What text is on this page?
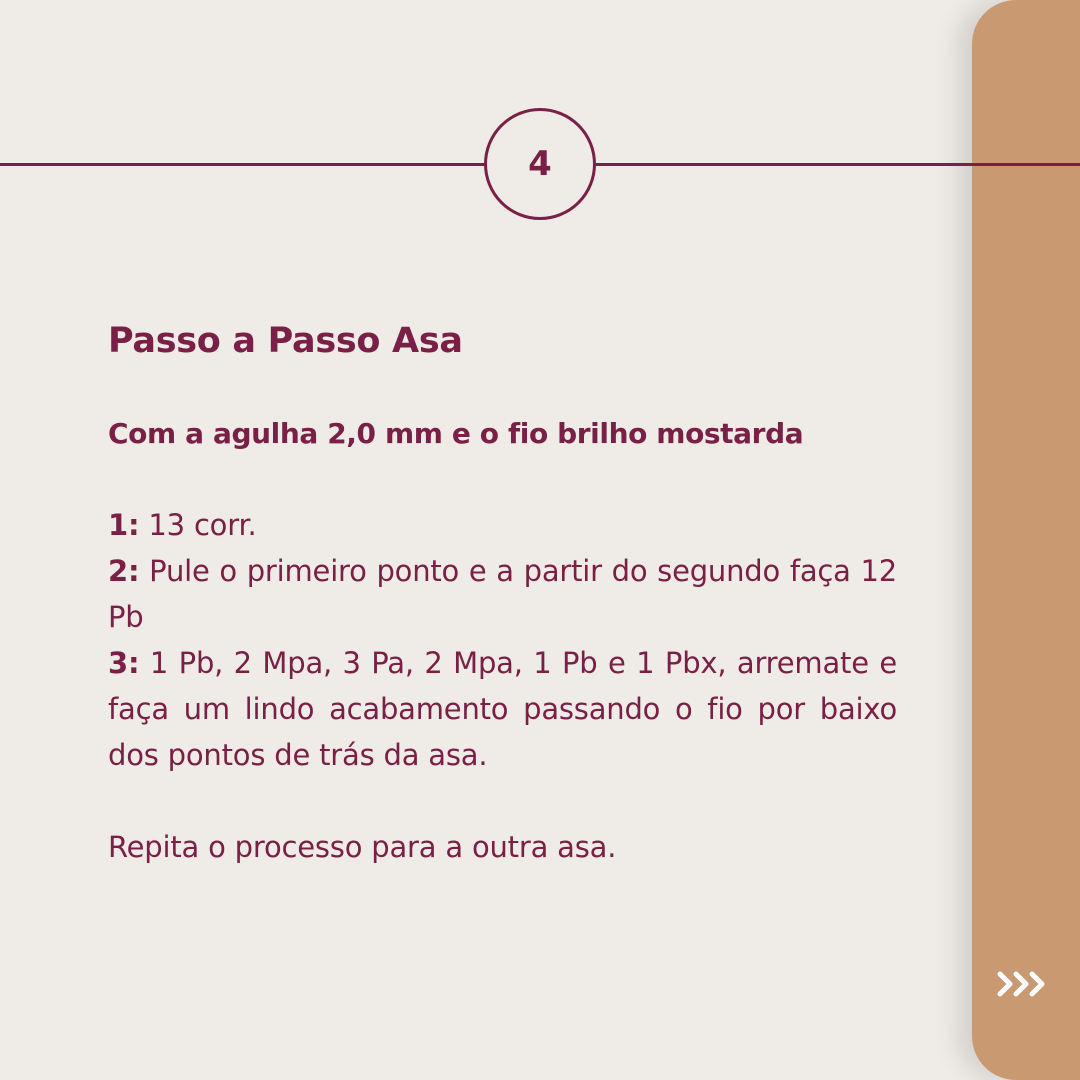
4
Passo a Passo Asa
Com a agulha 2,0 mm e o fio brilho mostarda

1: 13 corr.

2: Pule o primeiro ponto e a partir do segundo faça 12 Pb

3: 1 Pb, 2 Mpa, 3 Pa, 2 Mpa, 1 Pb e 1 Pbx, arremate e faça um lindo acabamento passando o fio por baixo dos pontos de trás da asa.

Repita o processo para a outra asa.
